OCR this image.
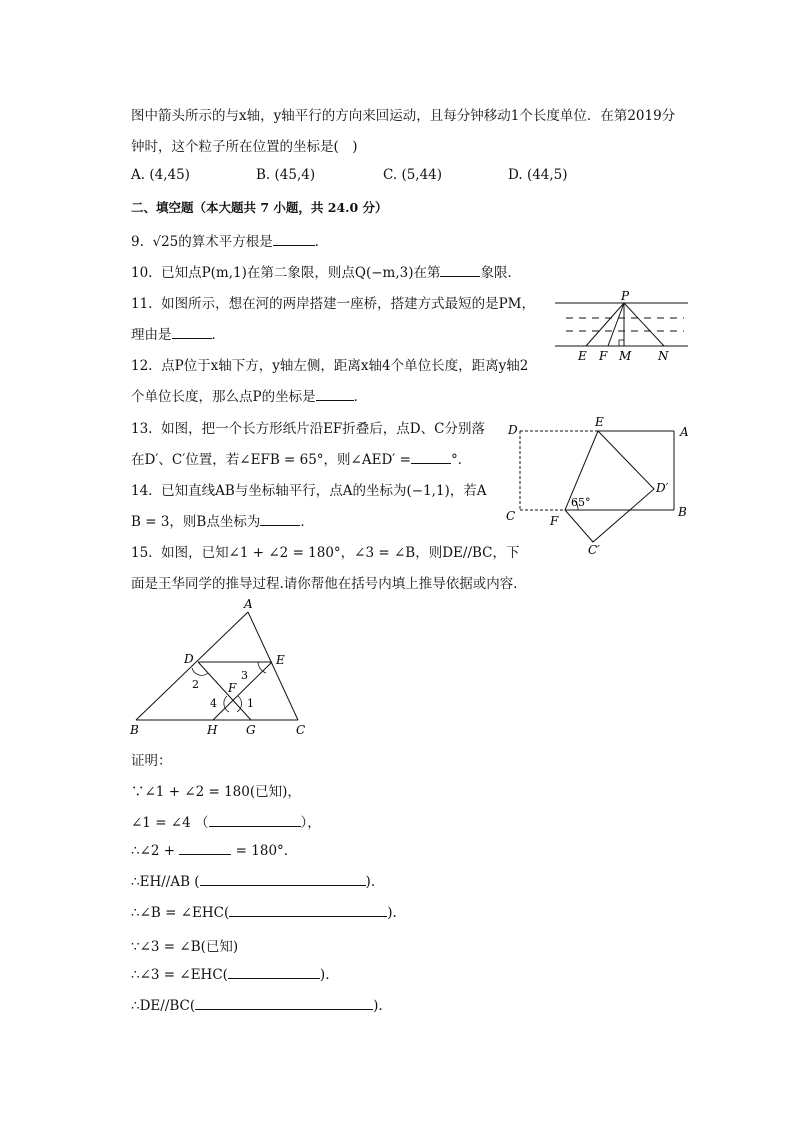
图中箭头所示的与x轴，y轴平行的方向来回运动，且每分钟移动1个长度单位．在第2019分
钟时，这个粒子所在位置的坐标是(　)
A. (4,45)	B. (45,4)	C. (5,44)	D. (44,5)
二、填空题（本大题共 7 小题，共 24.0 分）
9. √25的算术平方根是	．
10. 已知点P(m,1)在第二象限，则点Q(−m,3)在第	象限．
11. 如图所示，想在河的两岸搭建一座桥，搭建方式最短的是PM，
理由是	．
12. 点P位于x轴下方，y轴左侧，距离x轴4个单位长度，距离y轴2
个单位长度，那么点P的坐标是	．
13. 如图，把一个长方形纸片沿EF折叠后，点D、C分别落
在D′、C′位置，若∠EFB = 65°，则∠AED′ =	°．
14. 已知直线AB与坐标轴平行，点A的坐标为(−1,1)，若A
B = 3，则B点坐标为	．
15. 如图，已知∠1 + ∠2 = 180°，∠3 = ∠B，则DE//BC，下
面是王华同学的推导过程.请你帮他在括号内填上推导依据或内容．
P
E F M N
D
E
A
D′
C	F
B
C′
65°
A
D	E
F
B	H G	C
1
2
3
4
证明：
∵∠1 + ∠2 = 180(已知)，
∠1 = ∠4 （	），
∴∠2 +	= 180°.
∴EH//AB (	).
∴∠B = ∠EHC(	).
∵∠3 = ∠B(已知)
∴∠3 = ∠EHC(	).
∴DE//BC(	).
